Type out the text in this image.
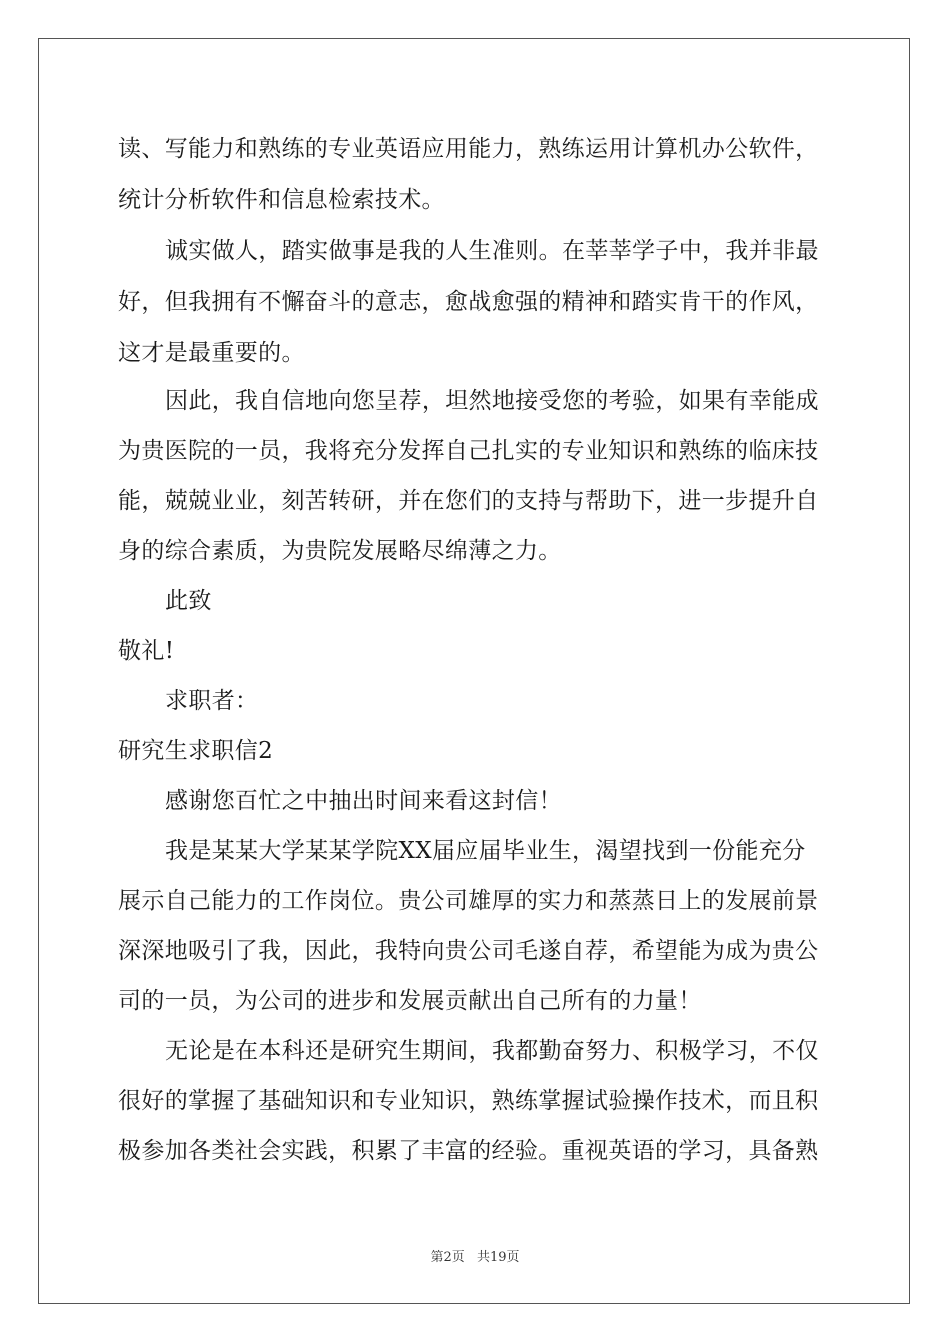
读、写能力和熟练的专业英语应用能力，熟练运用计算机办公软件，
统计分析软件和信息检索技术。
诚实做人，踏实做事是我的人生准则。在莘莘学子中，我并非最
好，但我拥有不懈奋斗的意志，愈战愈强的精神和踏实肯干的作风，
这才是最重要的。
因此，我自信地向您呈荐，坦然地接受您的考验，如果有幸能成
为贵医院的一员，我将充分发挥自己扎实的专业知识和熟练的临床技
能，兢兢业业，刻苦转研，并在您们的支持与帮助下，进一步提升自
身的综合素质，为贵院发展略尽绵薄之力。
此致
敬礼!
求职者：
研究生求职信2
感谢您百忙之中抽出时间来看这封信！
我是某某大学某某学院XX届应届毕业生，渴望找到一份能充分
展示自己能力的工作岗位。贵公司雄厚的实力和蒸蒸日上的发展前景
深深地吸引了我，因此，我特向贵公司毛遂自荐，希望能为成为贵公
司的一员，为公司的进步和发展贡献出自己所有的力量！
无论是在本科还是研究生期间，我都勤奋努力、积极学习，不仅
很好的掌握了基础知识和专业知识，熟练掌握试验操作技术，而且积
极参加各类社会实践，积累了丰富的经验。重视英语的学习，具备熟
第2页 共19页
